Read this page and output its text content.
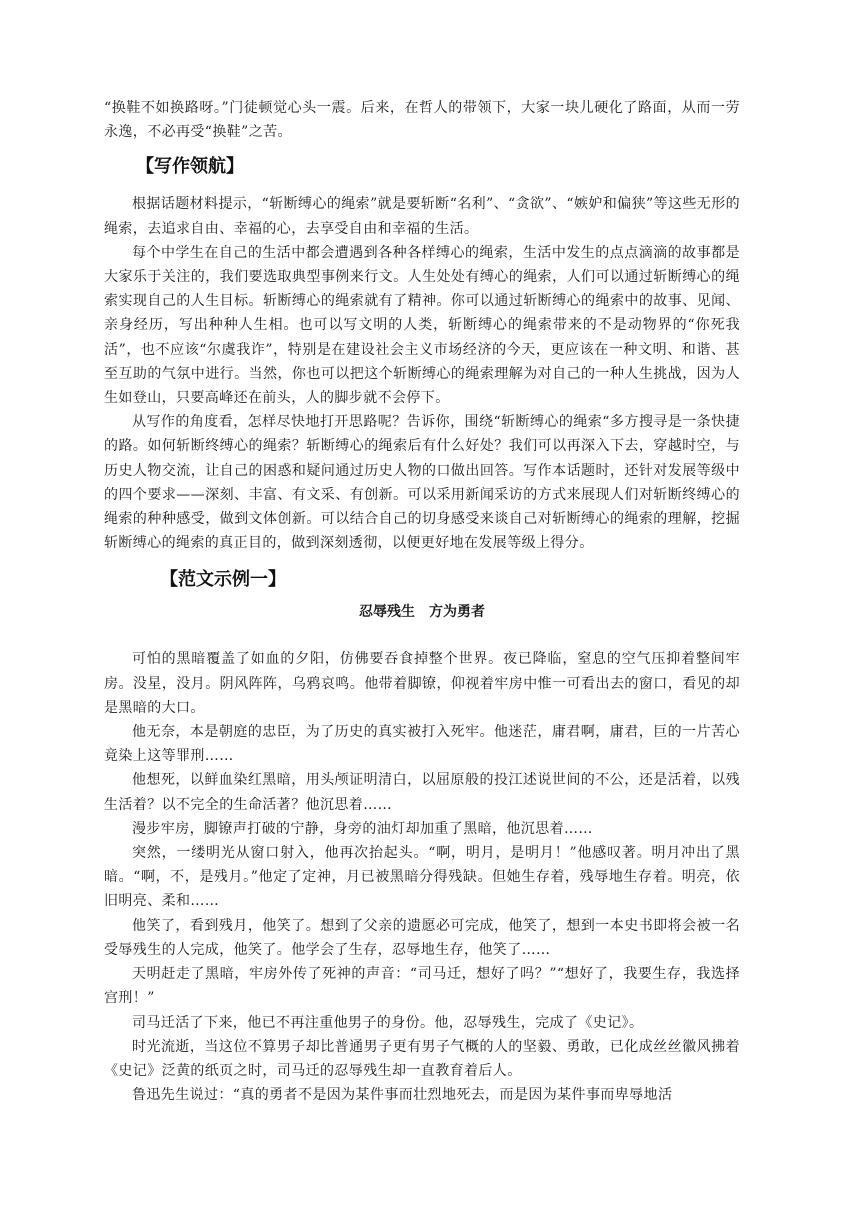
“换鞋不如换路呀。”门徒顿觉心头一震。后来，在哲人的带领下，大家一块儿硬化了路面，从而一劳永逸，不必再受“换鞋”之苦。

【写作领航】

根据话题材料提示，“斩断缚心的绳索”就是要斩断“名利”、“贪欲”、“嫉妒和偏狭”等这些无形的绳索，去追求自由、幸福的心，去享受自由和幸福的生活。

每个中学生在自己的生活中都会遭遇到各种各样缚心的绳索，生活中发生的点点滴滴的故事都是大家乐于关注的，我们要选取典型事例来行文。人生处处有缚心的绳索，人们可以通过斩断缚心的绳索实现自己的人生目标。斩断缚心的绳索就有了精神。你可以通过斩断缚心的绳索中的故事、见闻、亲身经历，写出种种人生相。也可以写文明的人类，斩断缚心的绳索带来的不是动物界的“你死我活”，也不应该“尔虞我诈”，特别是在建设社会主义市场经济的今天，更应该在一种文明、和谐、甚至互助的气氛中进行。当然，你也可以把这个斩断缚心的绳索理解为对自己的一种人生挑战，因为人生如登山，只要高峰还在前头，人的脚步就不会停下。

从写作的角度看，怎样尽快地打开思路呢？告诉你，围绕“斩断缚心的绳索“多方搜寻是一条快捷的路。如何斩断终缚心的绳索？斩断缚心的绳索后有什么好处？我们可以再深入下去，穿越时空，与历史人物交流，让自己的困惑和疑问通过历史人物的口做出回答。写作本话题时，还针对发展等级中的四个要求——深刻、丰富、有文采、有创新。可以采用新闻采访的方式来展现人们对斩断终缚心的绳索的种种感受，做到文体创新。可以结合自己的切身感受来谈自己对斩断缚心的绳索的理解，挖掘斩断缚心的绳索的真正目的，做到深刻透彻，以便更好地在发展等级上得分。

【范文示例一】
忍辱残生　方为勇者

可怕的黑暗覆盖了如血的夕阳，仿佛要吞食掉整个世界。夜已降临，窒息的空气压抑着整间牢房。没星，没月。阴风阵阵，乌鸦哀鸣。他带着脚镣，仰视着牢房中惟一可看出去的窗口，看见的却是黑暗的大口。

他无奈，本是朝庭的忠臣，为了历史的真实被打入死牢。他迷茫，庸君啊，庸君，巨的一片苦心竟染上这等罪刑……

他想死，以鲜血染红黑暗，用头颅证明清白，以屈原般的投江述说世间的不公，还是活着，以残生活着？以不完全的生命活著？他沉思着……

漫步牢房，脚镣声打破的宁静，身旁的油灯却加重了黑暗，他沉思着……

突然，一缕明光从窗口射入，他再次抬起头。“啊，明月，是明月！”他感叹著。明月冲出了黑暗。“啊，不，是残月。”他定了定神，月已被黑暗分得残缺。但她生存着，残辱地生存着。明亮，依旧明亮、柔和……

他笑了，看到残月，他笑了。想到了父亲的遗愿必可完成，他笑了，想到一本史书即将会被一名受辱残生的人完成，他笑了。他学会了生存，忍辱地生存，他笑了……

天明赶走了黑暗，牢房外传了死神的声音：“司马迁，想好了吗？”“想好了，我要生存，我选择宫刑！”

司马迁活了下来，他已不再注重他男子的身份。他，忍辱残生，完成了《史记》。

时光流逝，当这位不算男子却比普通男子更有男子气概的人的坚毅、勇敢，已化成丝丝徽风拂着《史记》泛黄的纸页之时，司马迁的忍辱残生却一直教育着后人。

鲁迅先生说过：“真的勇者不是因为某件事而壮烈地死去，而是因为某件事而卑辱地活
